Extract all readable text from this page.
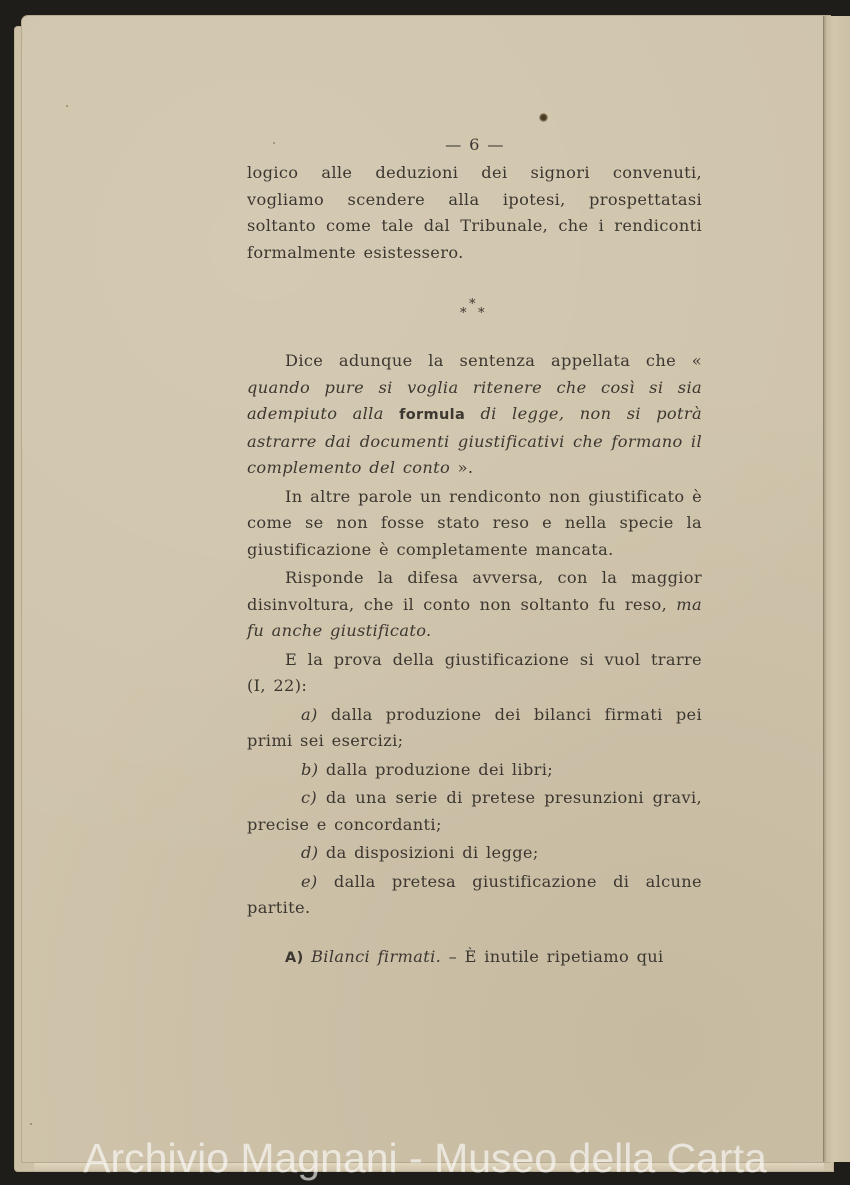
— 6 —

logico alle deduzioni dei signori convenuti, vogliamo scendere alla ipotesi, prospettatasi soltanto come tale dal Tribunale, che i rendiconti formalmente esistessero.

*
* *

Dice adunque la sentenza appellata che « quando pure si voglia ritenere che così si sia adempiuto alla formula di legge, non si potrà astrarre dai documenti giustificativi che formano il complemento del conto ».

In altre parole un rendiconto non giustificato è come se non fosse stato reso e nella specie la giustificazione è completamente mancata.

Risponde la difesa avversa, con la maggior disinvoltura, che il conto non soltanto fu reso, ma fu anche giustificato.

E la prova della giustificazione si vuol trarre (I, 22):

a) dalla produzione dei bilanci firmati pei primi sei esercizi;

b) dalla produzione dei libri;

c) da una serie di pretese presunzioni gravi, precise e concordanti;

d) da disposizioni di legge;

e) dalla pretesa giustificazione di alcune partite.

A) Bilanci firmati. – È inutile ripetiamo qui

Archivio Magnani - Museo della Carta
